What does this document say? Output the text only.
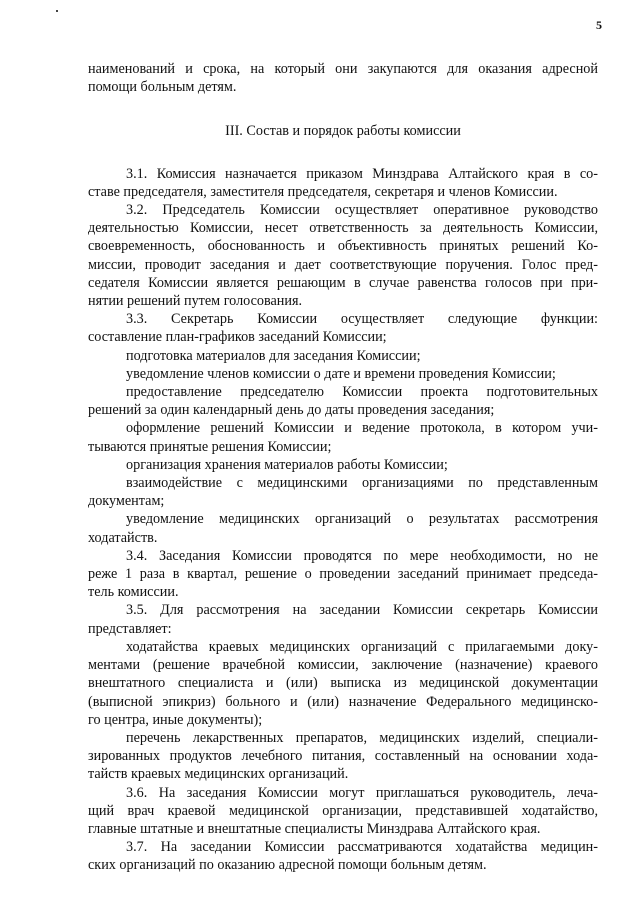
5
наименований и срока, на который они закупаются для оказания адресной
помощи больным детям.
III. Состав и порядок работы комиссии
3.1. Комиссия назначается приказом Минздрава Алтайского края в со-
ставе председателя, заместителя председателя, секретаря и членов Комиссии.
3.2. Председатель Комиссии осуществляет оперативное руководство
деятельностью Комиссии, несет ответственность за деятельность Комиссии,
своевременность, обоснованность и объективность принятых решений Ко-
миссии, проводит заседания и дает соответствующие поручения. Голос пред-
седателя Комиссии является решающим в случае равенства голосов при при-
нятии решений путем голосования.
3.3. Секретарь Комиссии осуществляет следующие функции:
составление план-графиков заседаний Комиссии;
подготовка материалов для заседания Комиссии;
уведомление членов комиссии о дате и времени проведения Комиссии;
предоставление председателю Комиссии проекта подготовительных
решений за один календарный день до даты проведения заседания;
оформление решений Комиссии и ведение протокола, в котором учи-
тываются принятые решения Комиссии;
организация хранения материалов работы Комиссии;
взаимодействие с медицинскими организациями по представленным
документам;
уведомление медицинских организаций о результатах рассмотрения
ходатайств.
3.4. Заседания Комиссии проводятся по мере необходимости, но не
реже 1 раза в квартал, решение о проведении заседаний принимает председа-
тель комиссии.
3.5. Для рассмотрения на заседании Комиссии секретарь Комиссии
представляет:
ходатайства краевых медицинских организаций с прилагаемыми доку-
ментами (решение врачебной комиссии, заключение (назначение) краевого
внештатного специалиста и (или) выписка из медицинской документации
(выписной эпикриз) больного и (или) назначение Федерального медицинско-
го центра, иные документы);
перечень лекарственных препаратов, медицинских изделий, специали-
зированных продуктов лечебного питания, составленный на основании хода-
тайств краевых медицинских организаций.
3.6. На заседания Комиссии могут приглашаться руководитель, леча-
щий врач краевой медицинской организации, представившей ходатайство,
главные штатные и внештатные специалисты Минздрава Алтайского края.
3.7. На заседании Комиссии рассматриваются ходатайства медицин-
ских организаций по оказанию адресной помощи больным детям.
